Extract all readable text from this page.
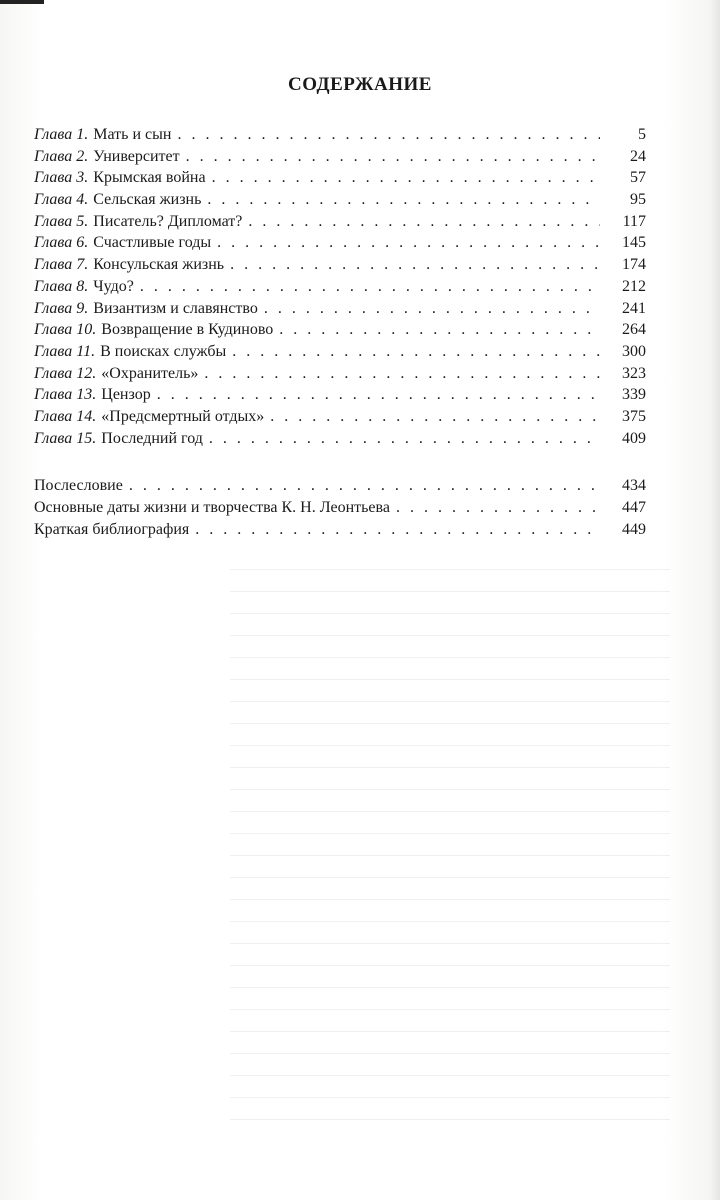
СОДЕРЖАНИЕ
Глава 1. Мать и сын . . .	5
Глава 2. Университет . . .	24
Глава 3. Крымская война . . .	57
Глава 4. Сельская жизнь . . .	95
Глава 5. Писатель? Дипломат? . . .	117
Глава 6. Счастливые годы . . .	145
Глава 7. Консульская жизнь . . .	174
Глава 8. Чудо? . . .	212
Глава 9. Византизм и славянство . . .	241
Глава 10. Возвращение в Кудиново . . .	264
Глава 11. В поисках службы . . .	300
Глава 12. «Охранитель» . . .	323
Глава 13. Цензор . . .	339
Глава 14. «Предсмертный отдых» . . .	375
Глава 15. Последний год . . .	409
Послесловие . . .	434
Основные даты жизни и творчества К. Н. Леонтьева . . .	447
Краткая библиография . . .	449
